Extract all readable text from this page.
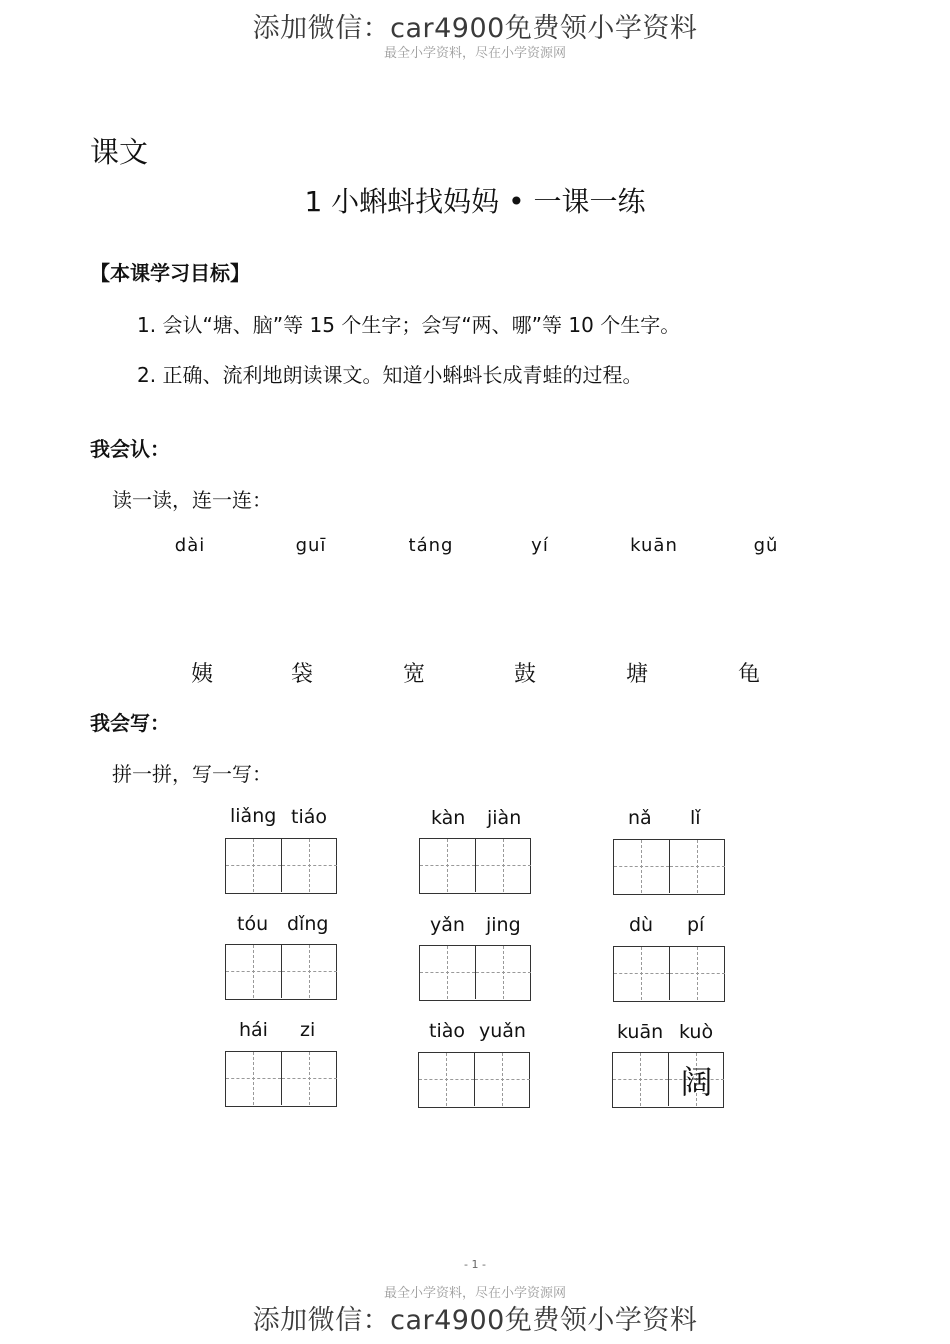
添加微信：car4900免费领小学资料
最全小学资料，尽在小学资源网
课文
1 小蝌蚪找妈妈 • 一课一练
【本课学习目标】
1. 会认“塘、脑”等 15 个生字；会写“两、哪”等 10 个生字。
2. 正确、流利地朗读课文。知道小蝌蚪长成青蛙的过程。
我会认：
读一读，连一连：
dài	guī	táng	yí	kuān	gǔ
姨	袋	宽	鼓	塘	龟
我会写：
拼一拼，写一写：
liǎng tiáo	kàn jiàn	nǎ lǐ
tóu dǐng	yǎn jing	dù pí
hái zi	tiào yuǎn	kuān kuò
阔
- 1 -
最全小学资料，尽在小学资源网
添加微信：car4900免费领小学资料
